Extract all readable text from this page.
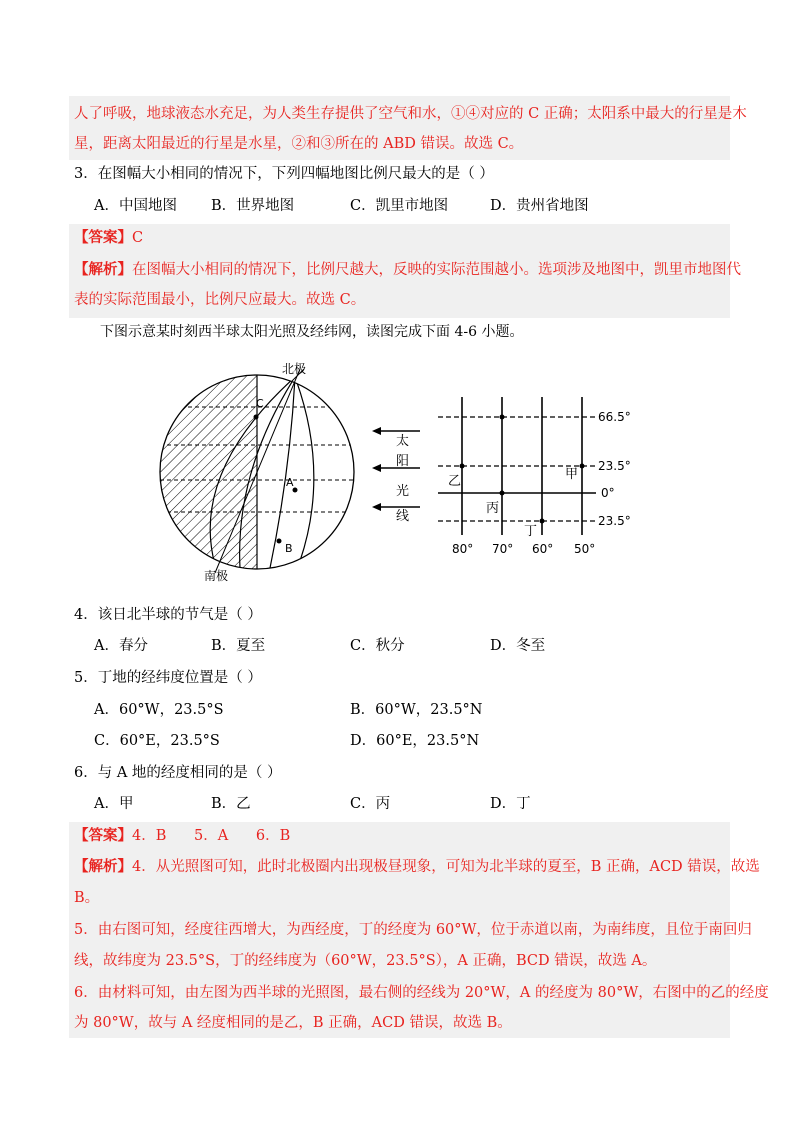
人了呼吸，地球液态水充足，为人类生存提供了空气和水，①④对应的 C 正确；太阳系中最大的行星是木
星，距离太阳最近的行星是水星，②和③所在的 ABD 错误。故选 C。
3．在图幅大小相同的情况下，下列四幅地图比例尺最大的是（ ）
A．中国地图 B．世界地图	C．凯里市地图	D．贵州省地图
【答案】C
【解析】在图幅大小相同的情况下，比例尺越大，反映的实际范围越小。选项涉及地图中，凯里市地图代
表的实际范围最小，比例尺应最大。故选 C。
下图示意某时刻西半球太阳光照及经纬网，读图完成下面 4-6 小题。
北极
南极
C
A
B
太
阳
光
线
乙	甲
丙
丁
66.5°
23.5°
0°
23.5°
80° 70° 60° 50°
4．该日北半球的节气是（ ）
A．春分	B．夏至	C．秋分	D．冬至
5．丁地的经纬度位置是（ ）
A．60°W，23.5°S	B．60°W，23.5°N
C．60°E，23.5°S	D．60°E，23.5°N
6．与 A 地的经度相同的是（ ）
A．甲	B．乙	C．丙	D．丁
【答案】4．B      5．A      6．B
【解析】4．从光照图可知，此时北极圈内出现极昼现象，可知为北半球的夏至，B 正确，ACD 错误，故选
B。
5．由右图可知，经度往西增大，为西经度，丁的经度为 60°W，位于赤道以南，为南纬度，且位于南回归
线，故纬度为 23.5°S，丁的经纬度为（60°W，23.5°S），A 正确，BCD 错误，故选 A。
6．由材料可知，由左图为西半球的光照图，最右侧的经线为 20°W，A 的经度为 80°W，右图中的乙的经度
为 80°W，故与 A 经度相同的是乙，B 正确，ACD 错误，故选 B。
